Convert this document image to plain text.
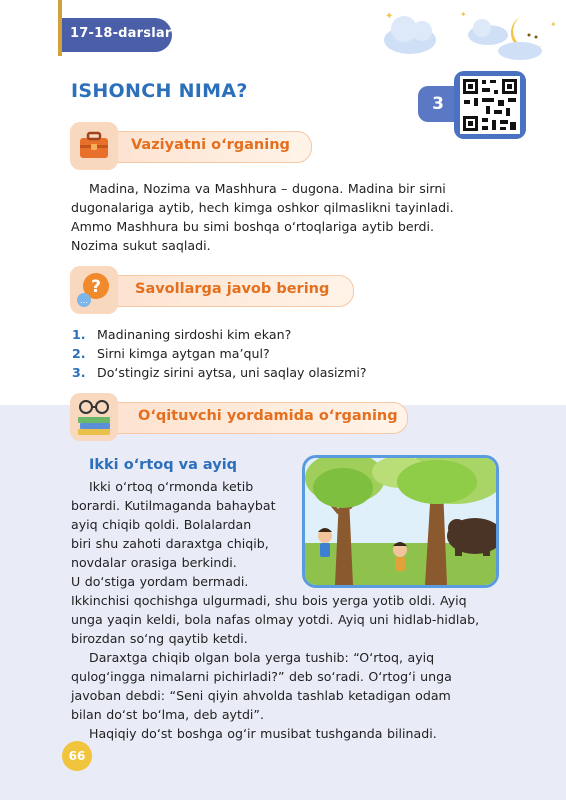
17-18-darslar
✦	✦
✦
ISHONCH NIMA?
3
Vaziyatni oʻrganing
Madina, Nozima va Mashhura – dugona. Madina bir sirni
dugonalariga aytib, hech kimga oshkor qilmaslikni tayinladi.
Ammo Mashhura bu simi boshqa oʻrtoqlariga aytib berdi.
Nozima sukut saqladi.
Savollarga javob bering
?
…
1. Madinaning sirdoshi kim ekan?
2. Sirni kimga aytgan ma’qul?
3. Doʻstingiz sirini aytsa, uni saqlay olasizmi?
Oʻqituvchi yordamida oʻrganing
Ikki oʻrtoq va ayiq
Ikki oʻrtoq oʻrmonda ketib
borardi. Kutilmaganda bahaybat
ayiq chiqib qoldi. Bolalardan
biri shu zahoti daraxtga chiqib,
novdalar orasiga berkindi.
U doʻstiga yordam bermadi.
Ikkinchisi qochishga ulgurmadi, shu bois yerga yotib oldi. Ayiq
unga yaqin keldi, bola nafas olmay yotdi. Ayiq uni hidlab-hidlab,
birozdan soʻng qaytib ketdi.
Daraxtga chiqib olgan bola yerga tushib: “Oʻrtoq, ayiq
qulogʻingga nimalarni pichirladi?” deb soʻradi. Oʻrtogʻi unga
javoban debdi: “Seni qiyin ahvolda tashlab ketadigan odam
bilan doʻst boʻlma, deb aytdi”.
Haqiqiy doʻst boshga ogʻir musibat tushganda bilinadi.
66
